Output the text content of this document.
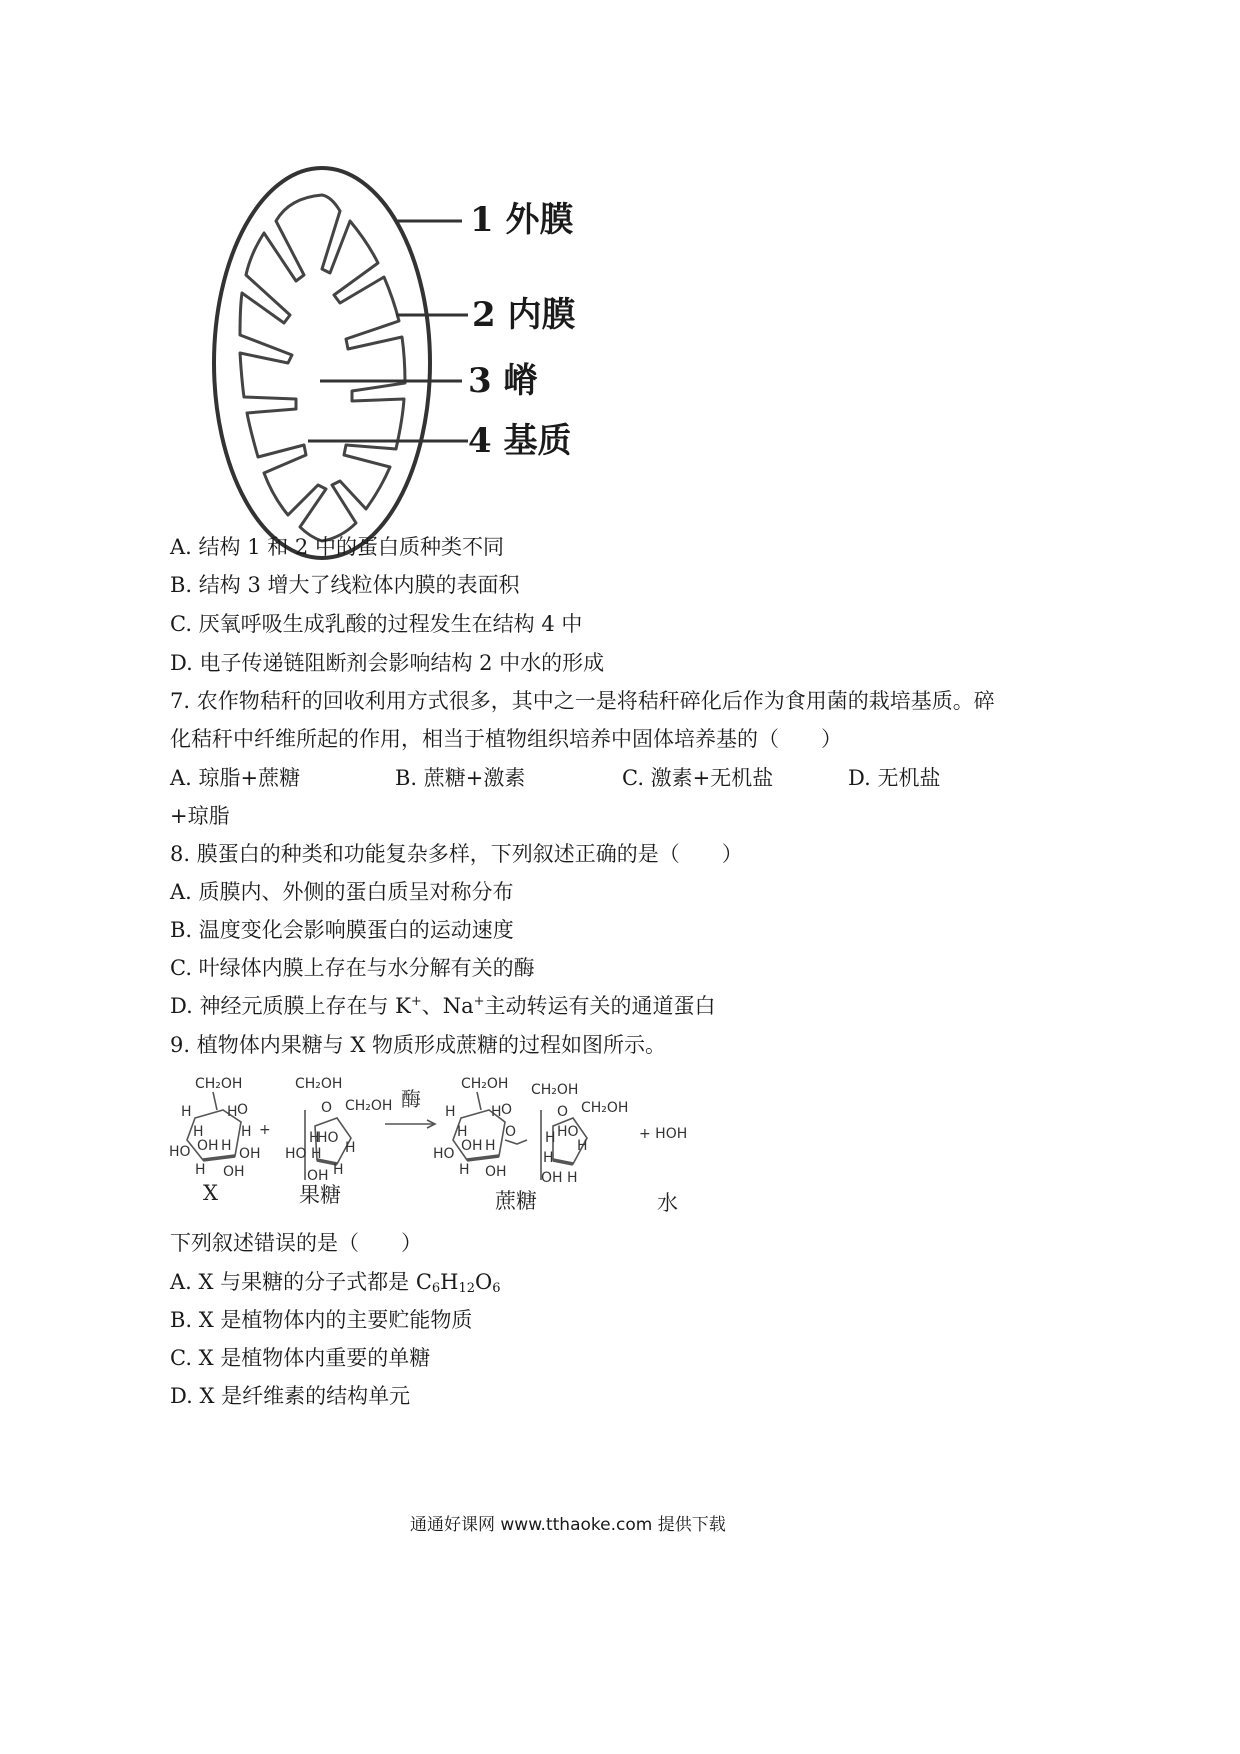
1 外膜
2 内膜
3 嵴
4 基质
A. 结构 1 和 2 中的蛋白质种类不同
B. 结构 3 增大了线粒体内膜的表面积
C. 厌氧呼吸生成乳酸的过程发生在结构 4 中
D. 电子传递链阻断剂会影响结构 2 中水的形成
7. 农作物秸秆的回收利用方式很多，其中之一是将秸秆碎化后作为食用菌的栽培基质。碎
化秸秆中纤维所起的作用，相当于植物组织培养中固体培养基的（　　）
A. 琼脂+蔗糖	B. 蔗糖+激素	C. 激素+无机盐	D. 无机盐
+琼脂
8. 膜蛋白的种类和功能复杂多样，下列叙述正确的是（　　）
A. 质膜内、外侧的蛋白质呈对称分布
B. 温度变化会影响膜蛋白的运动速度
C. 叶绿体内膜上存在与水分解有关的酶
D. 神经元质膜上存在与 K+、Na+主动转运有关的通道蛋白
9. 植物体内果糖与 X 物质形成蔗糖的过程如图所示。
CH₂OH
H	H O
H
H
OH H OH
HO
H OH
X
+
CH₂OH
O CH₂OH
H
HO
HO H H
OH H
果糖
酶
CH₂OH
H	H O
H
OH H
O
HO
H OH
CH₂OH
O CH₂OH
H HO
H
H
OH H
蔗糖
+ HOH
水
下列叙述错误的是（　　）
A. X 与果糖的分子式都是 $C_6H_{12}O_6$
B. X 是植物体内的主要贮能物质
C. X 是植物体内重要的单糖
D. X 是纤维素的结构单元
通通好课网 www.tthaoke.com 提供下载
